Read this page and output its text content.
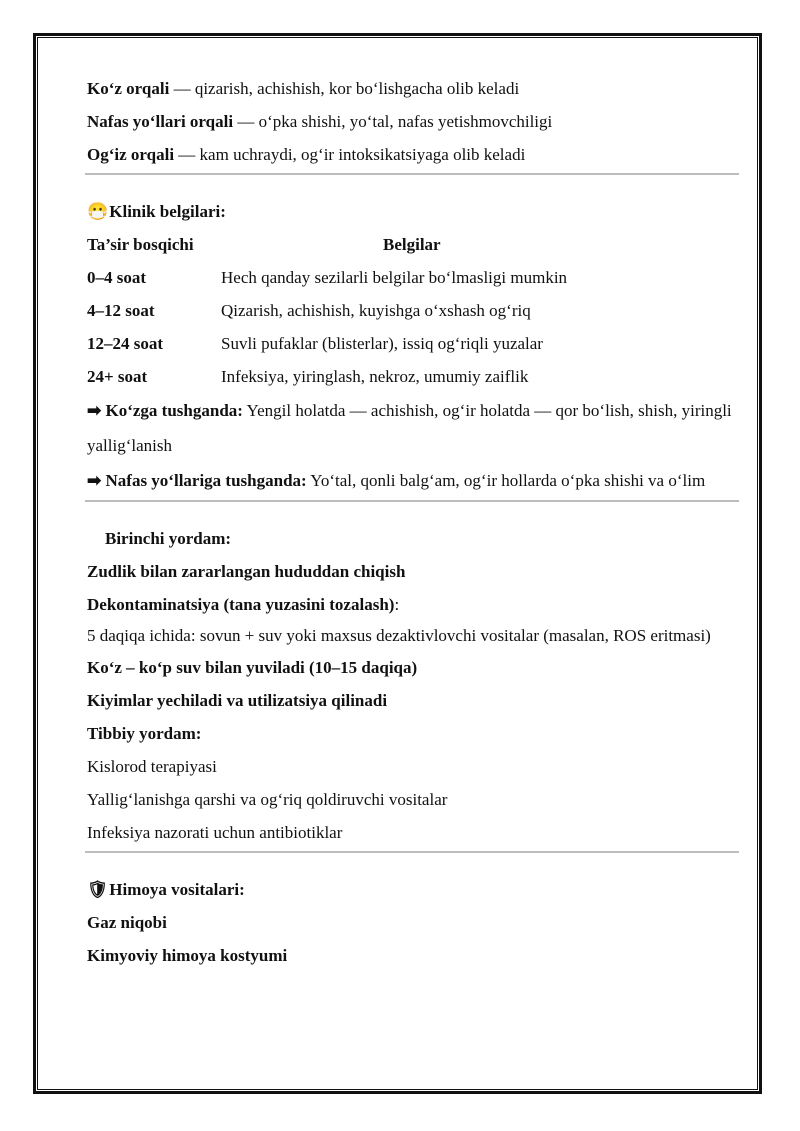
Ko‘z orqali — qizarish, achishish, kor bo‘lishgacha olib keladi

Nafas yo‘llari orqali — o‘pka shishi, yo‘tal, nafas yetishmovchiligi

Og‘iz orqali — kam uchraydi, og‘ir intoksikatsiyaga olib keladi

😷 Klinik belgilari:

Ta’sir bosqichi	Belgilar
0–4 soat	Hech qanday sezilarli belgilar bo‘lmasligi mumkin
4–12 soat	Qizarish, achishish, kuyishga o‘xshash og‘riq
12–24 soat	Suvli pufaklar (blisterlar), issiq og‘riqli yuzalar
24+ soat	Infeksiya, yiringlash, nekroz, umumiy zaiflik

➡ Ko‘zga tushganda: Yengil holatda — achishish, og‘ir holatda — qor bo‘lish, shish, yiringli yallig‘lanish

➡ Nafas yo‘llariga tushganda: Yo‘tal, qonli balg‘am, og‘ir hollarda o‘pka shishi va o‘lim

Birinchi yordam:

Zudlik bilan zararlangan hududdan chiqish

Dekontaminatsiya (tana yuzasini tozalash):

5 daqiqa ichida: sovun + suv yoki maxsus dezaktivlovchi vositalar (masalan, ROS eritmasi)

Ko‘z – ko‘p suv bilan yuviladi (10–15 daqiqa)

Kiyimlar yechiladi va utilizatsiya qilinadi

Tibbiy yordam:

Kislorod terapiyasi

Yallig‘lanishga qarshi va og‘riq qoldiruvchi vositalar

Infeksiya nazorati uchun antibiotiklar

🛡 Himoya vositalari:

Gaz niqobi

Kimyoviy himoya kostyumi
